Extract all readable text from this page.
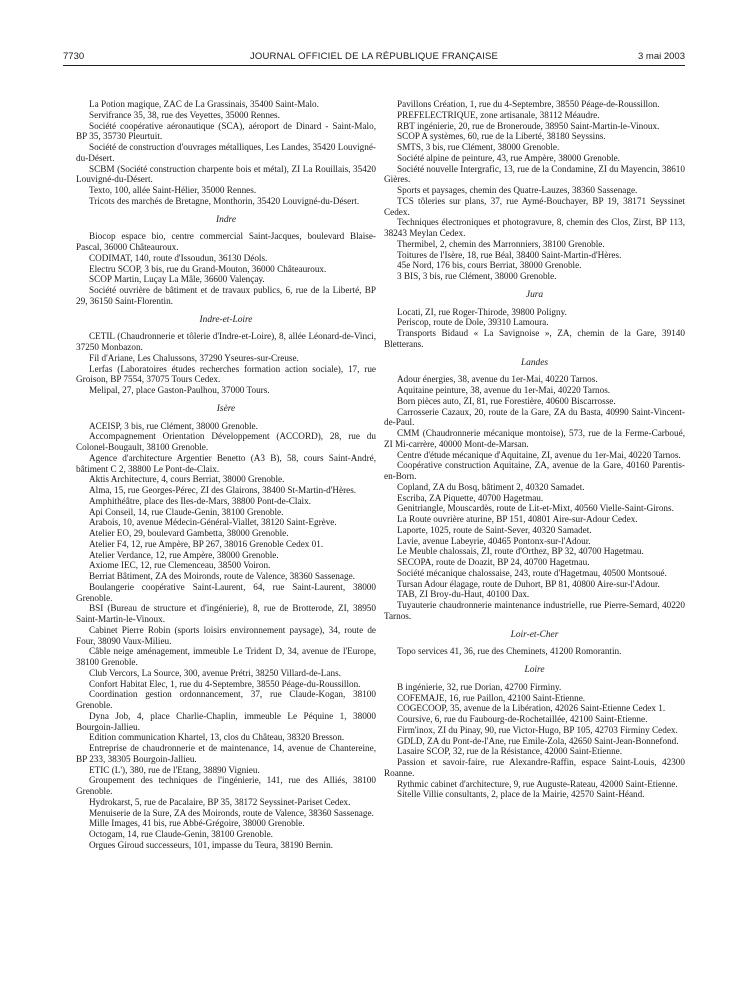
7730	JOURNAL OFFICIEL DE LA RÉPUBLIQUE FRANÇAISE	3 mai 2003

La Potion magique, ZAC de La Grassinais, 35400 Saint-Malo.

Servifrance 35, 38, rue des Veyettes, 35000 Rennes.

Société coopérative aéronautique (SCA), aéroport de Dinard - Saint-Malo, BP 35, 35730 Pleurtuit.

Société de construction d'ouvrages métalliques, Les Landes, 35420 Louvigné-du-Désert.

SCBM (Société construction charpente bois et métal), ZI La Rouillais, 35420 Louvigné-du-Désert.

Texto, 100, allée Saint-Hélier, 35000 Rennes.

Tricots des marchés de Bretagne, Monthorin, 35420 Louvigné-du-Désert.

Indre

Biocop espace bio, centre commercial Saint-Jacques, boulevard Blaise-Pascal, 36000 Châteauroux.

CODIMAT, 140, route d'Issoudun, 36130 Déols.

Electru SCOP, 3 bis, rue du Grand-Mouton, 36000 Châteauroux.

SCOP Martin, Luçay La Mâle, 36600 Valençay.

Société ouvrière de bâtiment et de travaux publics, 6, rue de la Liberté, BP 29, 36150 Saint-Florentin.

Indre-et-Loire

CETIL (Chaudronnerie et tôlerie d'Indre-et-Loire), 8, allée Léonard-de-Vinci, 37250 Monbazon.

Fil d'Ariane, Les Chalussons, 37290 Yseures-sur-Creuse.

Lerfas (Laboratoires études recherches formation action sociale), 17, rue Groison, BP 7554, 37075 Tours Cedex.

Melipal, 27, place Gaston-Paulhou, 37000 Tours.

Isère

ACEISP, 3 bis, rue Clément, 38000 Grenoble.

Accompagnement Orientation Développement (ACCORD), 28, rue du Colonel-Bougault, 38100 Grenoble.

Agence d'architecture Argentier Benetto (A3 B), 58, cours Saint-André, bâtiment C 2, 38800 Le Pont-de-Claix.

Aktis Architecture, 4, cours Berriat, 38000 Grenoble.

Alma, 15, rue Georges-Pérec, ZI des Glairons, 38400 St-Martin-d'Hères.

Amphithéâtre, place des Iles-de-Mars, 38800 Pont-de-Claix.

Api Conseil, 14, rue Claude-Genin, 38100 Grenoble.

Arabois, 10, avenue Médecin-Général-Viallet, 38120 Saint-Egrève.

Atelier EO, 29, boulevard Gambetta, 38000 Grenoble.

Atelier F4, 12, rue Ampère, BP 267, 38016 Grenoble Cedex 01.

Atelier Verdance, 12, rue Ampère, 38000 Grenoble.

Axiome IEC, 12, rue Clemenceau, 38500 Voiron.

Berriat Bâtiment, ZA des Moironds, route de Valence, 38360 Sassenage.

Boulangerie coopérative Saint-Laurent, 64, rue Saint-Laurent, 38000 Grenoble.

BSI (Bureau de structure et d'ingénierie), 8, rue de Brotterode, ZI, 38950 Saint-Martin-le-Vinoux.

Cabinet Pierre Robin (sports loisirs environnement paysage), 34, route de Four, 38090 Vaux-Milieu.

Câble neige aménagement, immeuble Le Trident D, 34, avenue de l'Europe, 38100 Grenoble.

Club Vercors, La Source, 300, avenue Prétri, 38250 Villard-de-Lans.

Confort Habitat Elec, 1, rue du 4-Septembre, 38550 Péage-du-Roussillon.

Coordination gestion ordonnancement, 37, rue Claude-Kogan, 38100 Grenoble.

Dyna Job, 4, place Charlie-Chaplin, immeuble Le Péquine 1, 38000 Bourgoin-Jallieu.

Edition communication Khartel, 13, clos du Château, 38320 Bresson.

Entreprise de chaudronnerie et de maintenance, 14, avenue de Chantereine, BP 233, 38305 Bourgoin-Jallieu.

ETIC (L'), 380, rue de l'Etang, 38890 Vignieu.

Groupement des techniques de l'ingénierie, 141, rue des Alliés, 38100 Grenoble.

Hydrokarst, 5, rue de Pacalaire, BP 35, 38172 Seyssinet-Pariset Cedex.

Menuiserie de la Sure, ZA des Moironds, route de Valence, 38360 Sassenage.

Mille Images, 41 bis, rue Abbé-Grégoire, 38000 Grenoble.

Octogam, 14, rue Claude-Genin, 38100 Grenoble.

Orgues Giroud successeurs, 101, impasse du Teura, 38190 Bernin.

Pavillons Création, 1, rue du 4-Septembre, 38550 Péage-de-Roussillon.

PREFELECTRIQUE, zone artisanale, 38112 Méaudre.

RBT ingénierie, 20, rue de Broneroude, 38950 Saint-Martin-le-Vinoux.

SCOP A systèmes, 60, rue de la Liberté, 38180 Seyssins.

SMTS, 3 bis, rue Clément, 38000 Grenoble.

Société alpine de peinture, 43, rue Ampère, 38000 Grenoble.

Société nouvelle Intergrafic, 13, rue de la Condamine, ZI du Mayencin, 38610 Gières.

Sports et paysages, chemin des Quatre-Lauzes, 38360 Sassenage.

TCS tôleries sur plans, 37, rue Aymé-Bouchayer, BP 19, 38171 Seyssinet Cedex.

Techniques électroniques et photogravure, 8, chemin des Clos, Zirst, BP 113, 38243 Meylan Cedex.

Thermibel, 2, chemin des Marronniers, 38100 Grenoble.

Toitures de l'Isère, 18, rue Béal, 38400 Saint-Martin-d'Hères.

45e Nord, 176 bis, cours Berriat, 38000 Grenoble.

3 BIS, 3 bis, rue Clément, 38000 Grenoble.

Jura

Locati, ZI, rue Roger-Thirode, 39800 Poligny.

Periscop, route de Dole, 39310 Lamoura.

Transports Bidaud « La Savignoise », ZA, chemin de la Gare, 39140 Bletterans.

Landes

Adour énergies, 38, avenue du 1er-Mai, 40220 Tarnos.

Aquitaine peinture, 38, avenue du 1er-Mai, 40220 Tarnos.

Born pièces auto, ZI, 81, rue Forestière, 40600 Biscarrosse.

Carrosserie Cazaux, 20, route de la Gare, ZA du Basta, 40990 Saint-Vincent-de-Paul.

CMM (Chaudronnerie mécanique montoise), 573, rue de la Ferme-Carboué, ZI Mi-carrère, 40000 Mont-de-Marsan.

Centre d'étude mécanique d'Aquitaine, ZI, avenue du 1er-Mai, 40220 Tarnos.

Coopérative construction Aquitaine, ZA, avenue de la Gare, 40160 Parentis-en-Born.

Copland, ZA du Bosq, bâtiment 2, 40320 Samadet.

Escriba, ZA Piquette, 40700 Hagetmau.

Genitriangle, Mouscardès, route de Lit-et-Mixt, 40560 Vielle-Saint-Girons.

La Route ouvrière aturine, BP 151, 40801 Aire-sur-Adour Cedex.

Laporte, 1025, route de Saint-Sever, 40320 Samadet.

Lavie, avenue Labeyrie, 40465 Pontonx-sur-l'Adour.

Le Meuble chalossais, ZI, route d'Orthez, BP 32, 40700 Hagetmau.

SECOPA, route de Doazit, BP 24, 40700 Hagetmau.

Société mécanique chalossaise, 243, route d'Hagetmau, 40500 Montsoué.

Tursan Adour élagage, route de Duhort, BP 81, 40800 Aire-sur-l'Adour.

TAB, ZI Broy-du-Haut, 40100 Dax.

Tuyauterie chaudronnerie maintenance industrielle, rue Pierre-Semard, 40220 Tarnos.

Loir-et-Cher

Topo services 41, 36, rue des Cheminets, 41200 Romorantin.

Loire

B ingénierie, 32, rue Dorian, 42700 Firminy.

COFEMAJE, 16, rue Paillon, 42100 Saint-Etienne.

COGECOOP, 35, avenue de la Libération, 42026 Saint-Etienne Cedex 1.

Coursive, 6, rue du Faubourg-de-Rochetaillée, 42100 Saint-Etienne.

Firm'inox, ZI du Pinay, 90, rue Victor-Hugo, BP 105, 42703 Firminy Cedex.

GDLD, ZA du Pont-de-l'Ane, rue Emile-Zola, 42650 Saint-Jean-Bonnefond.

Lasaire SCOP, 32, rue de la Résistance, 42000 Saint-Etienne.

Passion et savoir-faire, rue Alexandre-Raffin, espace Saint-Louis, 42300 Roanne.

Rythmic cabinet d'architecture, 9, rue Auguste-Rateau, 42000 Saint-Etienne.

Sitelle Villie consultants, 2, place de la Mairie, 42570 Saint-Héand.
